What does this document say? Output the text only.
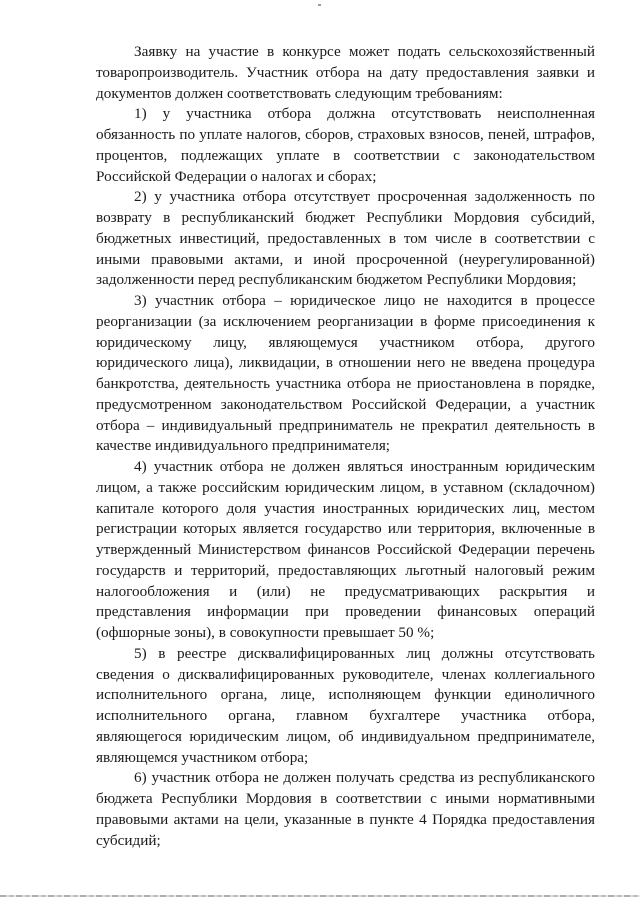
Заявку на участие в конкурсе может подать сельскохозяйственный товаропроизводитель. Участник отбора на дату предоставления заявки и документов должен соответствовать следующим требованиям:

1) у участника отбора должна отсутствовать неисполненная обязанность по уплате налогов, сборов, страховых взносов, пеней, штрафов, процентов, подлежащих уплате в соответствии с законодательством Российской Федерации о налогах и сборах;

2) у участника отбора отсутствует просроченная задолженность по возврату в республиканский бюджет Республики Мордовия субсидий, бюджетных инвестиций, предоставленных в том числе в соответствии с иными правовыми актами, и иной просроченной (неурегулированной) задолженности перед республиканским бюджетом Республики Мордовия;

3) участник отбора – юридическое лицо не находится в процессе реорганизации (за исключением реорганизации в форме присоединения к юридическому лицу, являющемуся участником отбора, другого юридического лица), ликвидации, в отношении него не введена процедура банкротства, деятельность участника отбора не приостановлена в порядке, предусмотренном законодательством Российской Федерации, а участник отбора – индивидуальный предприниматель не прекратил деятельность в качестве индивидуального предпринимателя;

4) участник отбора не должен являться иностранным юридическим лицом, а также российским юридическим лицом, в уставном (складочном) капитале которого доля участия иностранных юридических лиц, местом регистрации которых является государство или территория, включенные в утвержденный Министерством финансов Российской Федерации перечень государств и территорий, предоставляющих льготный налоговый режим налогообложения и (или) не предусматривающих раскрытия и представления информации при проведении финансовых операций (офшорные зоны), в совокупности превышает 50 %;

5) в реестре дисквалифицированных лиц должны отсутствовать сведения о дисквалифицированных руководителе, членах коллегиального исполнительного органа, лице, исполняющем функции единоличного исполнительного органа, главном бухгалтере участника отбора, являющегося юридическим лицом, об индивидуальном предпринимателе, являющемся участником отбора;

6) участник отбора не должен получать средства из республиканского бюджета Республики Мордовия в соответствии с иными нормативными правовыми актами на цели, указанные в пункте 4 Порядка предоставления субсидий;
